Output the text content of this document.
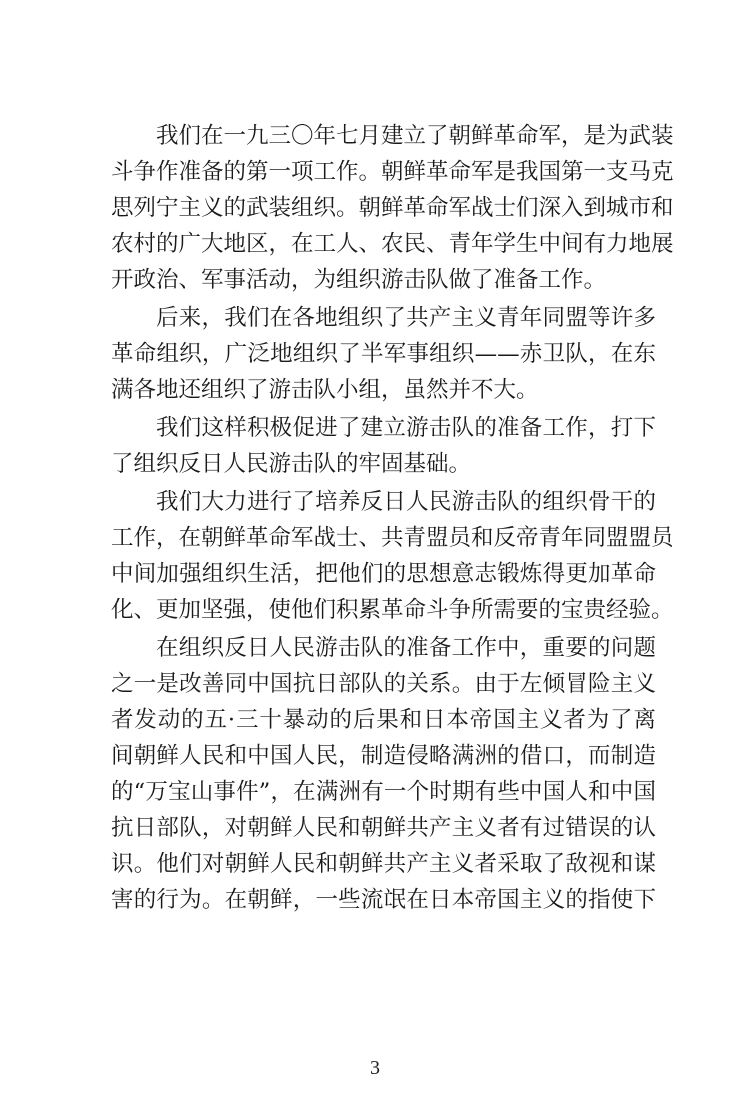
我们在一九三〇年七月建立了朝鲜革命军，是为武装
斗争作准备的第一项工作。朝鲜革命军是我国第一支马克
思列宁主义的武装组织。朝鲜革命军战士们深入到城市和
农村的广大地区，在工人、农民、青年学生中间有力地展
开政治、军事活动，为组织游击队做了准备工作。
后来，我们在各地组织了共产主义青年同盟等许多
革命组织，广泛地组织了半军事组织——赤卫队，在东
满各地还组织了游击队小组，虽然并不大。
我们这样积极促进了建立游击队的准备工作，打下
了组织反日人民游击队的牢固基础。
我们大力进行了培养反日人民游击队的组织骨干的
工作，在朝鲜革命军战士、共青盟员和反帝青年同盟盟员
中间加强组织生活，把他们的思想意志锻炼得更加革命
化、更加坚强，使他们积累革命斗争所需要的宝贵经验。
在组织反日人民游击队的准备工作中，重要的问题
之一是改善同中国抗日部队的关系。由于左倾冒险主义
者发动的五·三十暴动的后果和日本帝国主义者为了离
间朝鲜人民和中国人民，制造侵略满洲的借口，而制造
的“万宝山事件”，在满洲有一个时期有些中国人和中国
抗日部队，对朝鲜人民和朝鲜共产主义者有过错误的认
识。他们对朝鲜人民和朝鲜共产主义者采取了敌视和谋
害的行为。在朝鲜，一些流氓在日本帝国主义的指使下
3
